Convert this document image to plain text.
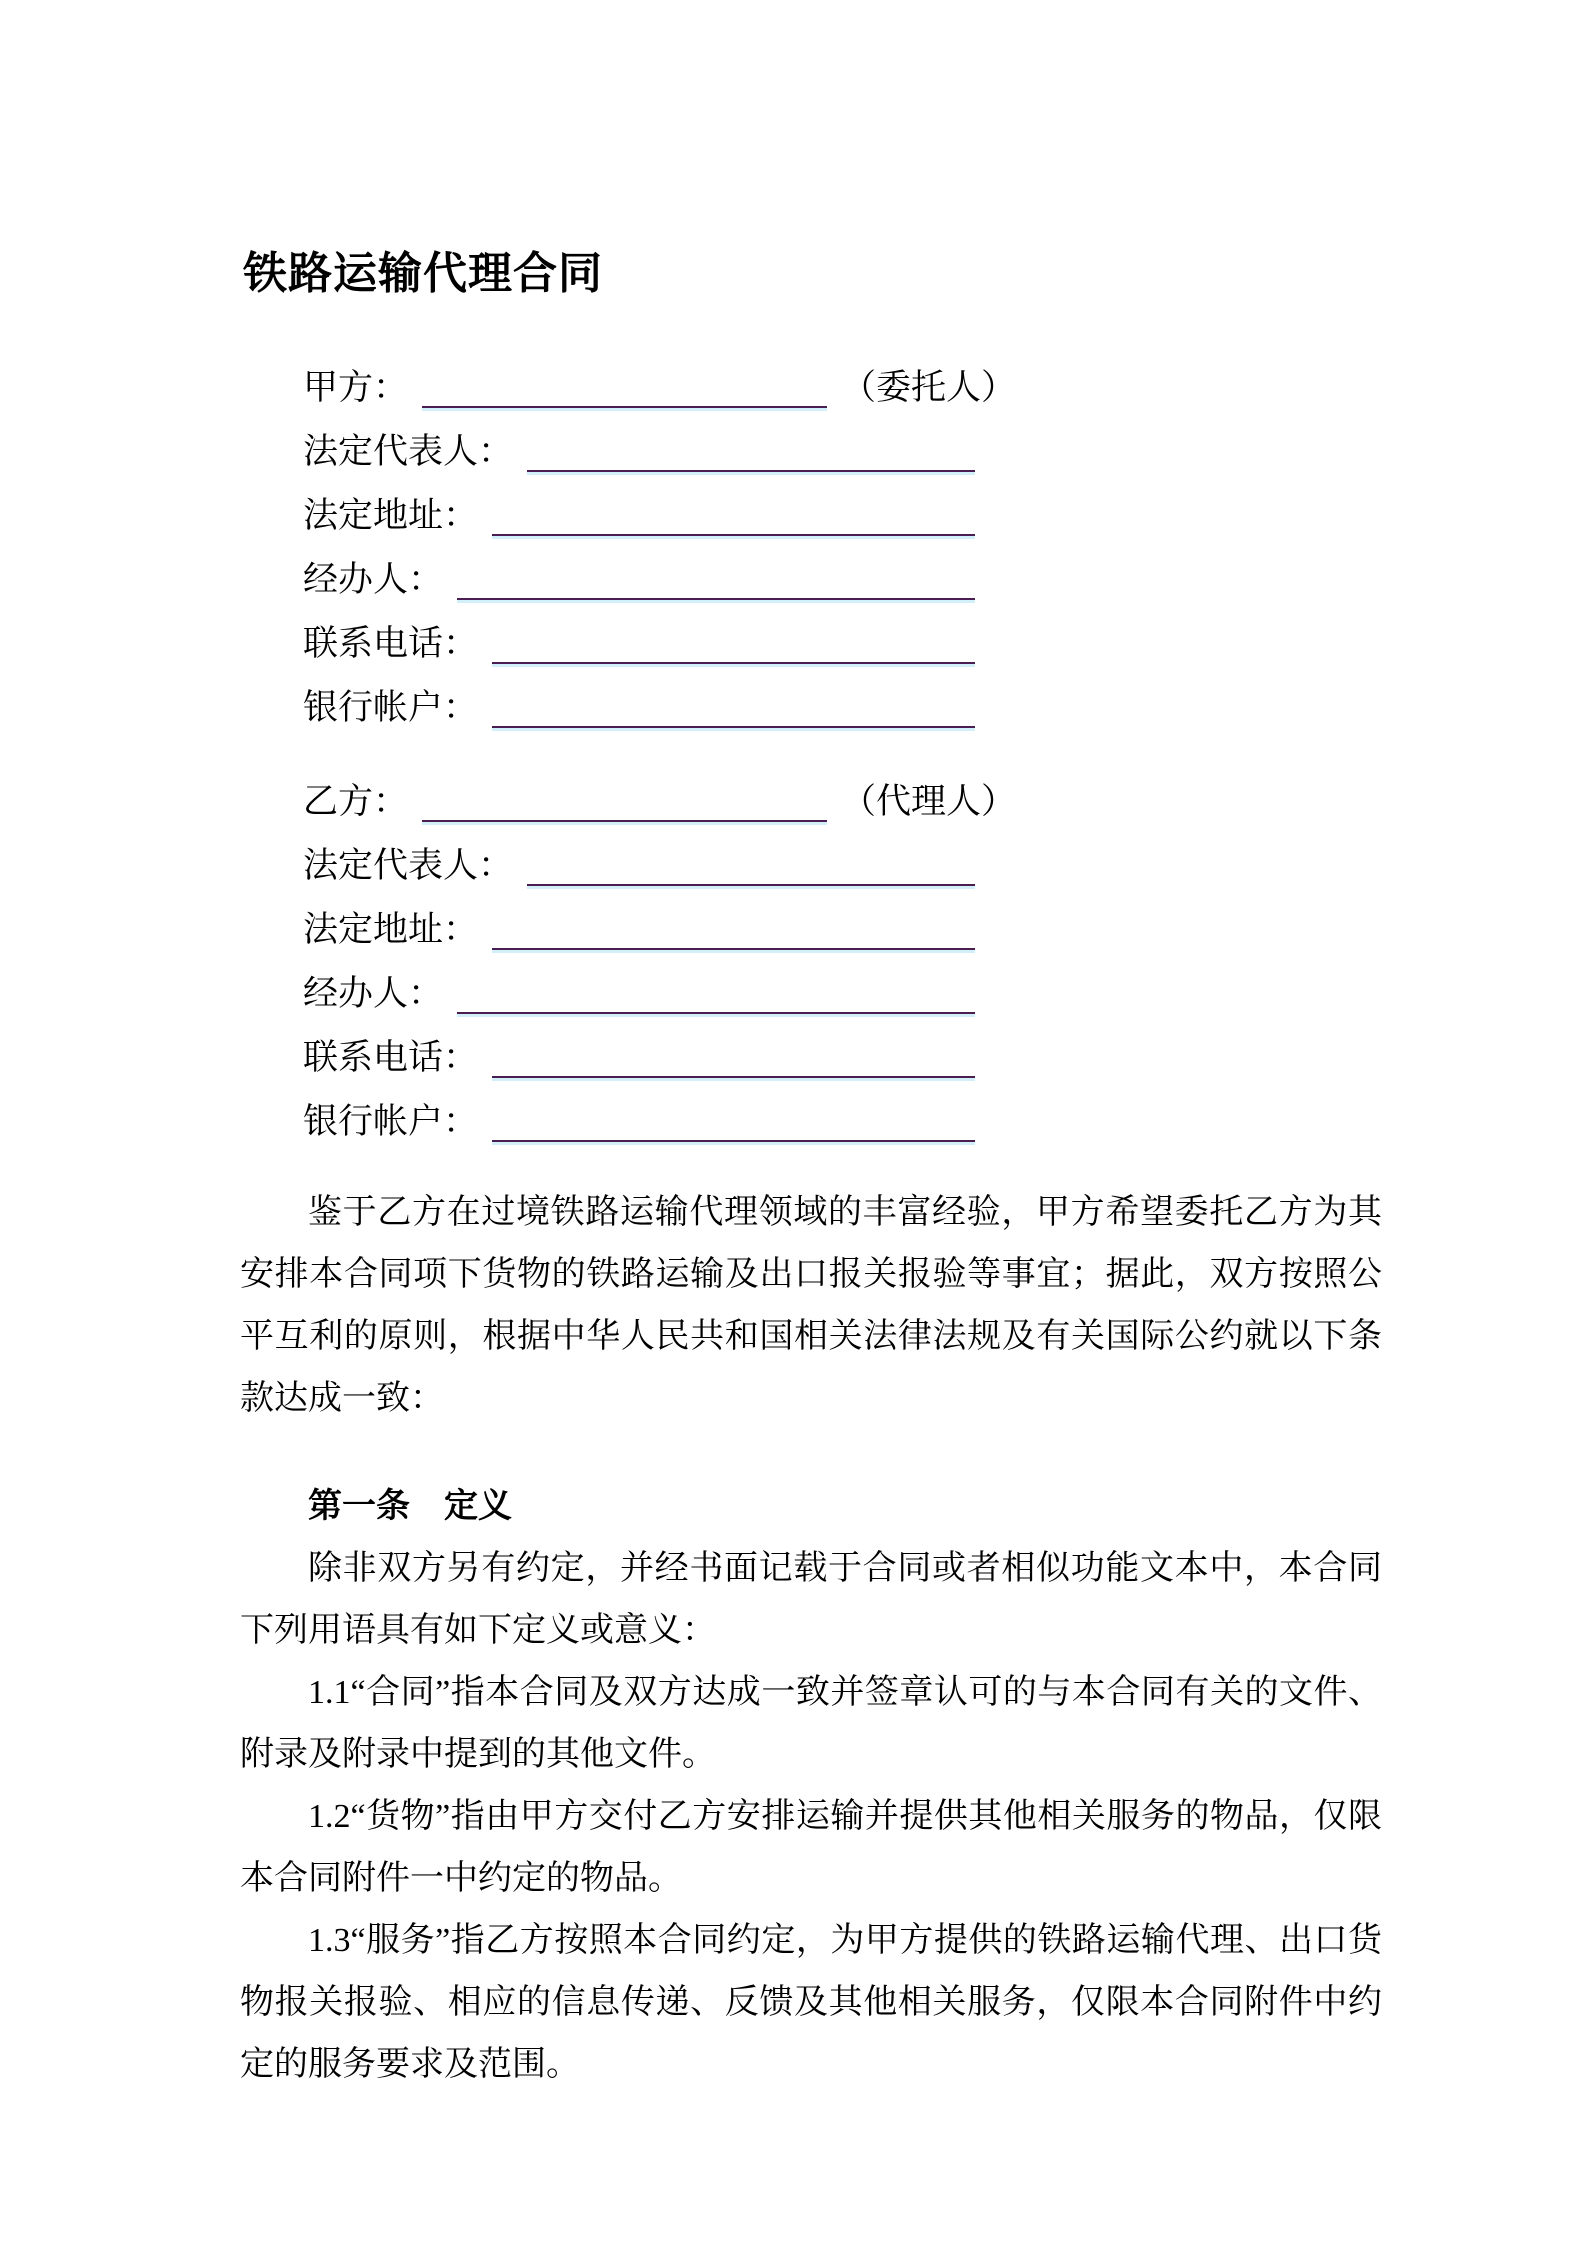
铁路运输代理合同
甲方：	（委托人）
法定代表人：
法定地址：
经办人：
联系电话：
银行帐户：
乙方：	（代理人）
法定代表人：
法定地址：
经办人：
联系电话：
银行帐户：

鉴于乙方在过境铁路运输代理领域的丰富经验，甲方希望委托乙方为其安排本合同项下货物的铁路运输及出口报关报验等事宜；据此，双方按照公平互利的原则，根据中华人民共和国相关法律法规及有关国际公约就以下条款达成一致：

第一条　定义

除非双方另有约定，并经书面记载于合同或者相似功能文本中，本合同下列用语具有如下定义或意义：

1.1“合同”指本合同及双方达成一致并签章认可的与本合同有关的文件、附录及附录中提到的其他文件。

1.2“货物”指由甲方交付乙方安排运输并提供其他相关服务的物品，仅限本合同附件一中约定的物品。

1.3“服务”指乙方按照本合同约定，为甲方提供的铁路运输代理、出口货物报关报验、相应的信息传递、反馈及其他相关服务，仅限本合同附件中约定的服务要求及范围。
